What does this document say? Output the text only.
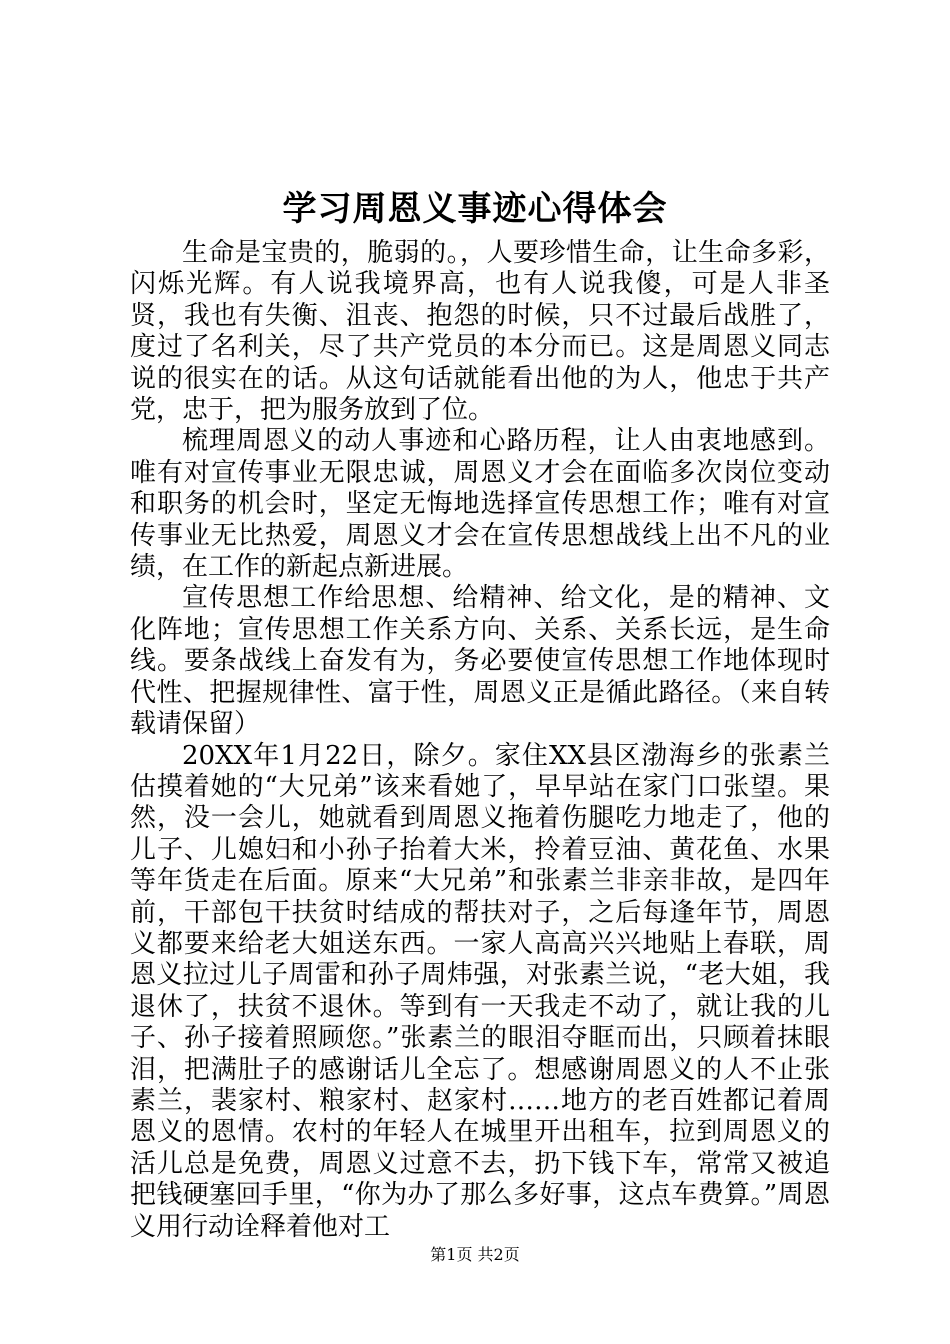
学习周恩义事迹心得体会

生命是宝贵的，脆弱的。，人要珍惜生命，让生命多彩，闪烁光辉。有人说我境界高，也有人说我傻，可是人非圣贤，我也有失衡、沮丧、抱怨的时候，只不过最后战胜了，度过了名利关，尽了共产党员的本分而已。这是周恩义同志说的很实在的话。从这句话就能看出他的为人，他忠于共产党，忠于，把为服务放到了位。

梳理周恩义的动人事迹和心路历程，让人由衷地感到。唯有对宣传事业无限忠诚，周恩义才会在面临多次岗位变动和职务的机会时，坚定无悔地选择宣传思想工作；唯有对宣传事业无比热爱，周恩义才会在宣传思想战线上出不凡的业绩，在工作的新起点新进展。

宣传思想工作给思想、给精神、给文化，是的精神、文化阵地；宣传思想工作关系方向、关系、关系长远，是生命线。要条战线上奋发有为，务必要使宣传思想工作地体现时代性、把握规律性、富于性，周恩义正是循此路径。（来自转载请保留）

20XX年1月22日，除夕。家住XX县区渤海乡的张素兰估摸着她的“大兄弟”该来看她了，早早站在家门口张望。果然，没一会儿，她就看到周恩义拖着伤腿吃力地走了，他的儿子、儿媳妇和小孙子抬着大米，拎着豆油、黄花鱼、水果等年货走在后面。原来“大兄弟”和张素兰非亲非故，是四年前，干部包干扶贫时结成的帮扶对子，之后每逢年节，周恩义都要来给老大姐送东西。一家人高高兴兴地贴上春联，周恩义拉过儿子周雷和孙子周炜强，对张素兰说，“老大姐，我退休了，扶贫不退休。等到有一天我走不动了，就让我的儿子、孙子接着照顾您。”张素兰的眼泪夺眶而出，只顾着抹眼泪，把满肚子的感谢话儿全忘了。想感谢周恩义的人不止张素兰，裴家村、粮家村、赵家村……地方的老百姓都记着周恩义的恩情。农村的年轻人在城里开出租车，拉到周恩义的活儿总是免费，周恩义过意不去，扔下钱下车，常常又被追把钱硬塞回手里，“你为办了那么多好事，这点车费算。”周恩义用行动诠释着他对工

第1页 共2页
